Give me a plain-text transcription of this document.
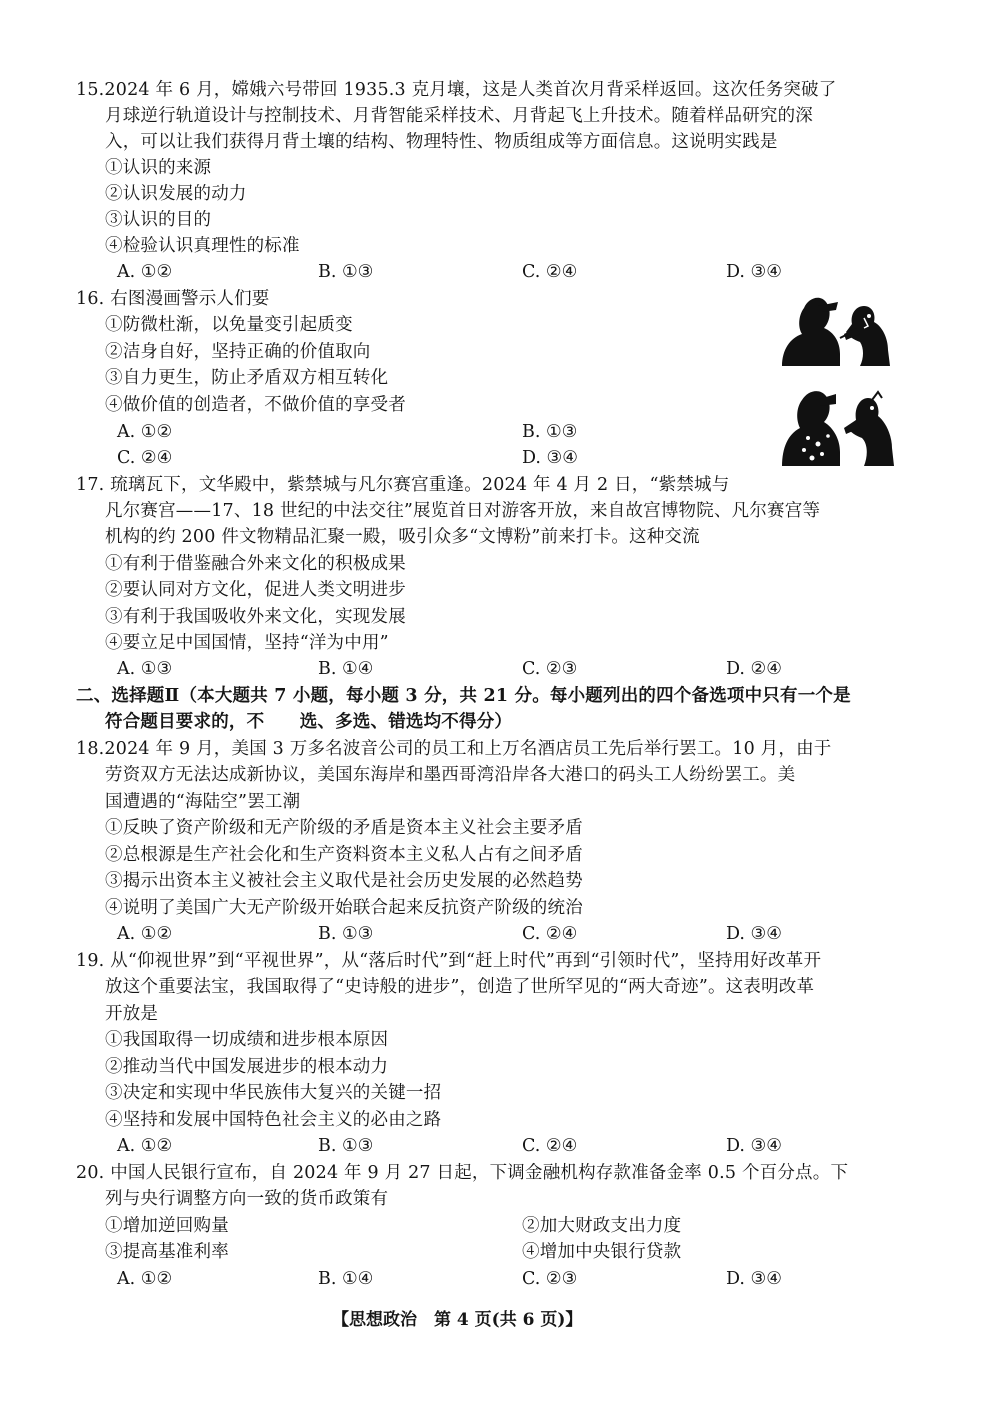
15.2024 年 6 月，嫦娥六号带回 1935.3 克月壤，这是人类首次月背采样返回。这次任务突破了
月球逆行轨道设计与控制技术、月背智能采样技术、月背起飞上升技术。随着样品研究的深
入，可以让我们获得月背土壤的结构、物理特性、物质组成等方面信息。这说明实践是
①认识的来源
②认识发展的动力
③认识的目的
④检验认识真理性的标准
A. ①②	B. ①③	C. ②④	D. ③④
16. 右图漫画警示人们要
①防微杜渐，以免量变引起质变
②洁身自好，坚持正确的价值取向
③自力更生，防止矛盾双方相互转化
④做价值的创造者，不做价值的享受者
A. ①②	B. ①③
C. ②④	D. ③④
17. 琉璃瓦下，文华殿中，紫禁城与凡尔赛宫重逢。2024 年 4 月 2 日，“紫禁城与
凡尔赛宫——17、18 世纪的中法交往”展览首日对游客开放，来自故宫博物院、凡尔赛宫等
机构的约 200 件文物精品汇聚一殿，吸引众多“文博粉”前来打卡。这种交流
①有利于借鉴融合外来文化的积极成果
②要认同对方文化，促进人类文明进步
③有利于我国吸收外来文化，实现发展
④要立足中国国情，坚持“洋为中用”
A. ①③	B. ①④	C. ②③	D. ②④
二、选择题Ⅱ（本大题共 7 小题，每小题 3 分，共 21 分。每小题列出的四个备选项中只有一个是
符合题目要求的，不　　选、多选、错选均不得分）
18.2024 年 9 月，美国 3 万多名波音公司的员工和上万名酒店员工先后举行罢工。10 月，由于
劳资双方无法达成新协议，美国东海岸和墨西哥湾沿岸各大港口的码头工人纷纷罢工。美
国遭遇的“海陆空”罢工潮
①反映了资产阶级和无产阶级的矛盾是资本主义社会主要矛盾
②总根源是生产社会化和生产资料资本主义私人占有之间矛盾
③揭示出资本主义被社会主义取代是社会历史发展的必然趋势
④说明了美国广大无产阶级开始联合起来反抗资产阶级的统治
A. ①②	B. ①③	C. ②④	D. ③④
19. 从“仰视世界”到“平视世界”，从“落后时代”到“赶上时代”再到“引领时代”，坚持用好改革开
放这个重要法宝，我国取得了“史诗般的进步”，创造了世所罕见的“两大奇迹”。这表明改革
开放是
①我国取得一切成绩和进步根本原因
②推动当代中国发展进步的根本动力
③决定和实现中华民族伟大复兴的关键一招
④坚持和发展中国特色社会主义的必由之路
A. ①②	B. ①③	C. ②④	D. ③④
20. 中国人民银行宣布，自 2024 年 9 月 27 日起，下调金融机构存款准备金率 0.5 个百分点。下
列与央行调整方向一致的货币政策有
①增加逆回购量	②加大财政支出力度
③提高基准利率	④增加中央银行贷款
A. ①②	B. ①④	C. ②③	D. ③④
【思想政治　第 4 页(共 6 页)】
